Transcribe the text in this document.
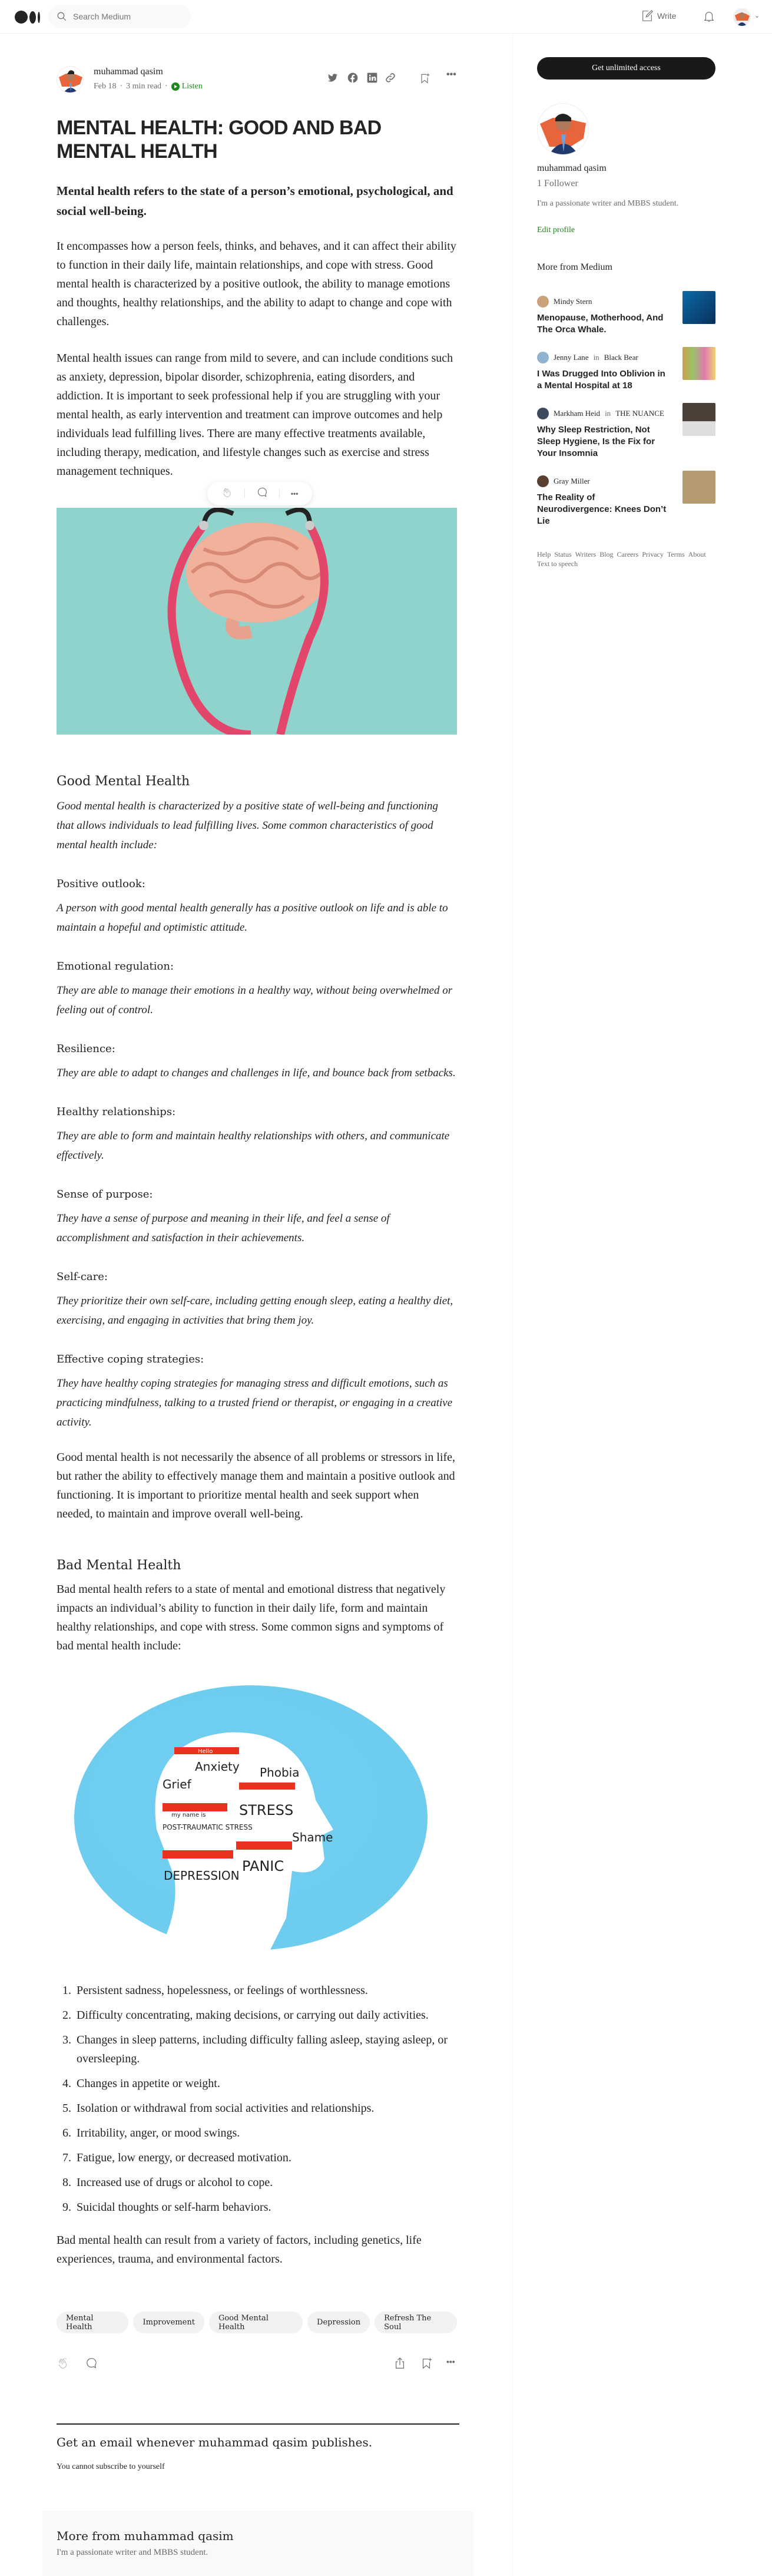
Search Medium
Write	⌄
muhammad qasim
Feb 18 · 3 min read · Listen
•••
MENTAL HEALTH: GOOD AND BAD MENTAL HEALTH

Mental health refers to the state of a person’s emotional, psychological, and social well-being.

It encompasses how a person feels, thinks, and behaves, and it can affect their ability to function in their daily life, maintain relationships, and cope with stress. Good mental health is characterized by a positive outlook, the ability to manage emotions and thoughts, healthy relationships, and the ability to adapt to change and cope with challenges.

Mental health issues can range from mild to severe, and can include conditions such as anxiety, depression, bipolar disorder, schizophrenia, eating disorders, and addiction. It is important to seek professional help if you are struggling with your mental health, as early intervention and treatment can improve outcomes and help individuals lead fulfilling lives. There are many effective treatments available, including therapy, medication, and lifestyle changes such as exercise and stress management techniques.

•••
Good Mental Health

Good mental health is characterized by a positive state of well-being and functioning that allows individuals to lead fulfilling lives. Some common characteristics of good mental health include:

Positive outlook:

A person with good mental health generally has a positive outlook on life and is able to maintain a hopeful and optimistic attitude.

Emotional regulation:

They are able to manage their emotions in a healthy way, without being overwhelmed or feeling out of control.

Resilience:

They are able to adapt to changes and challenges in life, and bounce back from setbacks.

Healthy relationships:

They are able to form and maintain healthy relationships with others, and communicate effectively.

Sense of purpose:

They have a sense of purpose and meaning in their life, and feel a sense of accomplishment and satisfaction in their achievements.

Self-care:

They prioritize their own self-care, including getting enough sleep, eating a healthy diet, exercising, and engaging in activities that bring them joy.

Effective coping strategies:

They have healthy coping strategies for managing stress and difficult emotions, such as practicing mindfulness, talking to a trusted friend or therapist, or engaging in a creative activity.

Good mental health is not necessarily the absence of all problems or stressors in life, but rather the ability to effectively manage them and maintain a positive outlook and functioning. It is important to prioritize mental health and seek support when needed, to maintain and improve overall well-being.

Bad Mental Health

Bad mental health refers to a state of mental and emotional distress that negatively impacts an individual’s ability to function in their daily life, form and maintain healthy relationships, and cope with stress. Some common signs and symptoms of bad mental health include:

Hello
Anxiety Phobia
Grief
STRESS
my name is
POST-TRAUMATIC STRESS
Shame
DEPRESSION
PANIC
1. Persistent sadness, hopelessness, or feelings of worthlessness.
2. Difficulty concentrating, making decisions, or carrying out daily activities.
3. Changes in sleep patterns, including difficulty falling asleep, staying asleep, or oversleeping.
4. Changes in appetite or weight.
5. Isolation or withdrawal from social activities and relationships.
6. Irritability, anger, or mood swings.
7. Fatigue, low energy, or decreased motivation.
8. Increased use of drugs or alcohol to cope.
9. Suicidal thoughts or self-harm behaviors.

Bad mental health can result from a variety of factors, including genetics, life experiences, trauma, and environmental factors.

Mental Health	Improvement	Good Mental Health	Depression	Refresh The Soul
•••
Get an email whenever muhammad qasim publishes.
You cannot subscribe to yourself
More from muhammad qasim
I'm a passionate writer and MBBS student.
Get unlimited access
muhammad qasim
1 Follower
I'm a passionate writer and MBBS student.
Edit profile
More from Medium
Mindy Stern
Menopause, Motherhood, And The Orca Whale.
Jenny Lane in Black Bear
I Was Drugged Into Oblivion in a Mental Hospital at 18
Markham Heid in THE NUANCE
Why Sleep Restriction, Not Sleep Hygiene, Is the Fix for Your Insomnia
Gray Miller
The Reality of Neurodivergence: Knees Don’t Lie
Help Status Writers Blog Careers Privacy Terms About
Text to speech
